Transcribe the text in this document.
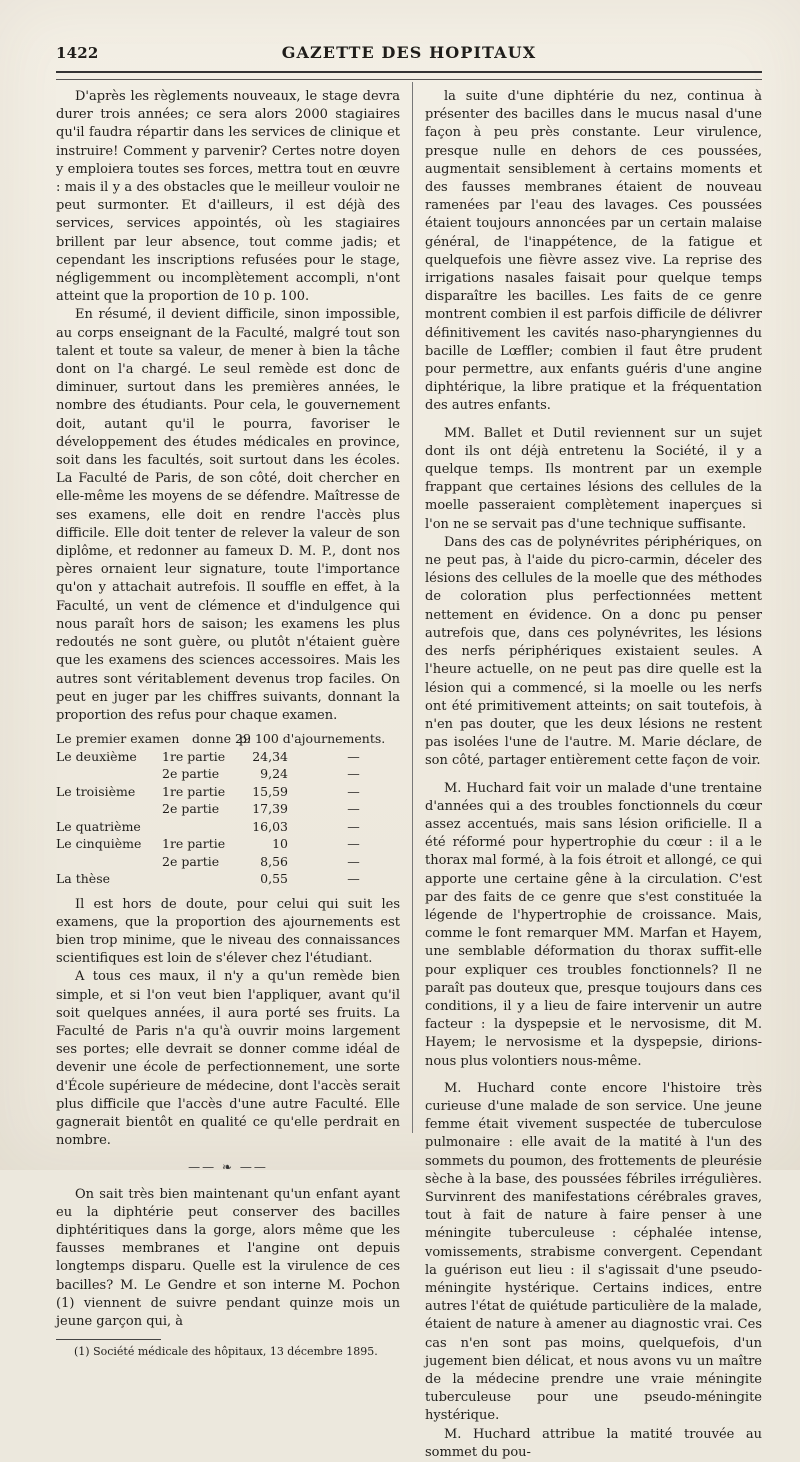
1422	GAZETTE DES HOPITAUX

D'après les règlements nouveaux, le stage devra durer trois années; ce sera alors 2000 stagiaires qu'il faudra répartir dans les services de clinique et instruire! Comment y parvenir? Certes notre doyen y emploiera toutes ses forces, mettra tout en œuvre : mais il y a des obstacles que le meilleur vouloir ne peut surmonter. Et d'ailleurs, il est déjà des services, services appointés, où les stagiaires brillent par leur absence, tout comme jadis; et cependant les inscriptions refusées pour le stage, négligemment ou incomplètement accompli, n'ont atteint que la proportion de 10 p. 100.

En résumé, il devient difficile, sinon impossible, au corps enseignant de la Faculté, malgré tout son talent et toute sa valeur, de mener à bien la tâche dont on l'a chargé. Le seul remède est donc de diminuer, surtout dans les premières années, le nombre des étudiants. Pour cela, le gouvernement doit, autant qu'il le pourra, favoriser le développement des études médicales en province, soit dans les facultés, soit surtout dans les écoles. La Faculté de Paris, de son côté, doit chercher en elle-même les moyens de se défendre. Maîtresse de ses examens, elle doit en rendre l'accès plus difficile. Elle doit tenter de relever la valeur de son diplôme, et redonner au fameux D. M. P., dont nos pères ornaient leur signature, toute l'importance qu'on y attachait autrefois. Il souffle en effet, à la Faculté, un vent de clémence et d'indulgence qui nous paraît hors de saison; les examens les plus redoutés ne sont guère, ou plutôt n'étaient guère que les examens des sciences accessoires. Mais les autres sont véritablement devenus trop faciles. On peut en juger par les chiffres suivants, donnant la proportion des refus pour chaque examen.

Le premier examen	donne 29
p. 100 d'ajournements.
Le deuxième	1re partie	24,34	—
2e partie	9,24	—
Le troisième	1re partie	15,59	—
2e partie	17,39	—
Le quatrième	16,03	—
Le cinquième	1re partie	10	—
2e partie	8,56	—
La thèse	0,55	—

Il est hors de doute, pour celui qui suit les examens, que la proportion des ajournements est bien trop minime, que le niveau des connaissances scientifiques est loin de s'élever chez l'étudiant.

A tous ces maux, il n'y a qu'un remède bien simple, et si l'on veut bien l'appliquer, avant qu'il soit quelques années, il aura porté ses fruits. La Faculté de Paris n'a qu'à ouvrir moins largement ses portes; elle devrait se donner comme idéal de devenir une école de perfectionnement, une sorte d'École supérieure de médecine, dont l'accès serait plus difficile que l'accès d'une autre Faculté. Elle gagnerait bientôt en qualité ce qu'elle perdrait en nombre.

—— ❧ ——

On sait très bien maintenant qu'un enfant ayant eu la diphtérie peut conserver des bacilles diphtéritiques dans la gorge, alors même que les fausses membranes et l'angine ont depuis longtemps disparu. Quelle est la virulence de ces bacilles? M. Le Gendre et son interne M. Pochon (1) viennent de suivre pendant quinze mois un jeune garçon qui, à

(1) Société médicale des hôpitaux, 13 décembre 1895.

la suite d'une diphtérie du nez, continua à présenter des bacilles dans le mucus nasal d'une façon à peu près constante. Leur virulence, presque nulle en dehors de ces poussées, augmentait sensiblement à certains moments et des fausses membranes étaient de nouveau ramenées par l'eau des lavages. Ces poussées étaient toujours annoncées par un certain malaise général, de l'inappétence, de la fatigue et quelquefois une fièvre assez vive. La reprise des irrigations nasales faisait pour quelque temps disparaître les bacilles. Les faits de ce genre montrent combien il est parfois difficile de délivrer définitivement les cavités naso-pharyngiennes du bacille de Lœffler; combien il faut être prudent pour permettre, aux enfants guéris d'une angine diphtérique, la libre pratique et la fréquentation des autres enfants.

MM. Ballet et Dutil reviennent sur un sujet dont ils ont déjà entretenu la Société, il y a quelque temps. Ils montrent par un exemple frappant que certaines lésions des cellules de la moelle passeraient complètement inaperçues si l'on ne se servait pas d'une technique suffisante.

Dans des cas de polynévrites périphériques, on ne peut pas, à l'aide du picro-carmin, déceler des lésions des cellules de la moelle que des méthodes de coloration plus perfectionnées mettent nettement en évidence. On a donc pu penser autrefois que, dans ces polynévrites, les lésions des nerfs périphériques existaient seules. A l'heure actuelle, on ne peut pas dire quelle est la lésion qui a commencé, si la moelle ou les nerfs ont été primitivement atteints; on sait toutefois, à n'en pas douter, que les deux lésions ne restent pas isolées l'une de l'autre. M. Marie déclare, de son côté, partager entièrement cette façon de voir.

M. Huchard fait voir un malade d'une trentaine d'années qui a des troubles fonctionnels du cœur assez accentués, mais sans lésion orificielle. Il a été réformé pour hypertrophie du cœur : il a le thorax mal formé, à la fois étroit et allongé, ce qui apporte une certaine gêne à la circulation. C'est par des faits de ce genre que s'est constituée la légende de l'hypertrophie de croissance. Mais, comme le font remarquer MM. Marfan et Hayem, une semblable déformation du thorax suffit-elle pour expliquer ces troubles fonctionnels? Il ne paraît pas douteux que, presque toujours dans ces conditions, il y a lieu de faire intervenir un autre facteur : la dyspepsie et le nervosisme, dit M. Hayem; le nervosisme et la dyspepsie, dirions-nous plus volontiers nous-même.

M. Huchard conte encore l'histoire très curieuse d'une malade de son service. Une jeune femme était vivement suspectée de tuberculose pulmonaire : elle avait de la matité à l'un des sommets du poumon, des frottements de pleurésie sèche à la base, des poussées fébriles irrégulières. Survinrent des manifestations cérébrales graves, tout à fait de nature à faire penser à une méningite tuberculeuse : céphalée intense, vomissements, strabisme convergent. Cependant la guérison eut lieu : il s'agissait d'une pseudo-méningite hystérique. Certains indices, entre autres l'état de quiétude particulière de la malade, étaient de nature à amener au diagnostic vrai. Ces cas n'en sont pas moins, quelquefois, d'un jugement bien délicat, et nous avons vu un maître de la médecine prendre une vraie méningite tuberculeuse pour une pseudo-méningite hystérique.

M. Huchard attribue la matité trouvée au sommet du pou-
